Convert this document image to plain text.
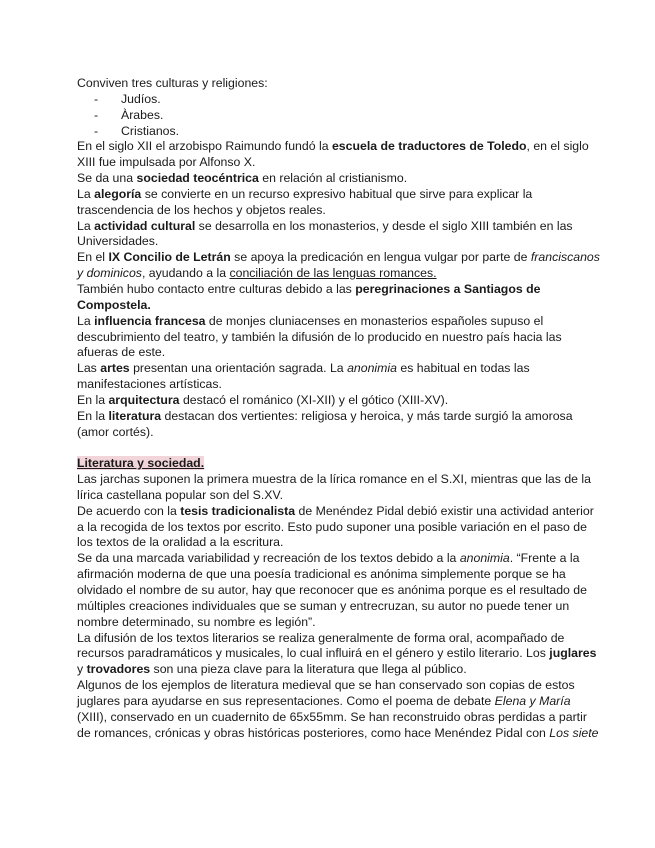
Conviven tres culturas y religiones:
- Judíos.
- Àrabes.
- Cristianos.
En el siglo XII el arzobispo Raimundo fundó la escuela de traductores de Toledo, en el siglo
XIII fue impulsada por Alfonso X.
Se da una sociedad teocéntrica en relación al cristianismo.
La alegoría se convierte en un recurso expresivo habitual que sirve para explicar la
trascendencia de los hechos y objetos reales.
La actividad cultural se desarrolla en los monasterios, y desde el siglo XIII también en las
Universidades.
En el IX Concilio de Letrán se apoya la predicación en lengua vulgar por parte de franciscanos
y dominicos, ayudando a la conciliación de las lenguas romances.
También hubo contacto entre culturas debido a las peregrinaciones a Santiagos de
Compostela.
La influencia francesa de monjes cluniacenses en monasterios españoles supuso el
descubrimiento del teatro, y también la difusión de lo producido en nuestro país hacia las
afueras de este.
Las artes presentan una orientación sagrada. La anonimia es habitual en todas las
manifestaciones artísticas.
En la arquitectura destacó el románico (XI-XII) y el gótico (XIII-XV).
En la literatura destacan dos vertientes: religiosa y heroica, y más tarde surgió la amorosa
(amor cortés).
Literatura y sociedad.
Las jarchas suponen la primera muestra de la lírica romance en el S.XI, mientras que las de la
lírica castellana popular son del S.XV.
De acuerdo con la tesis tradicionalista de Menéndez Pidal debió existir una actividad anterior
a la recogida de los textos por escrito. Esto pudo suponer una posible variación en el paso de
los textos de la oralidad a la escritura.
Se da una marcada variabilidad y recreación de los textos debido a la anonimia. “Frente a la
afirmación moderna de que una poesía tradicional es anónima simplemente porque se ha
olvidado el nombre de su autor, hay que reconocer que es anónima porque es el resultado de
múltiples creaciones individuales que se suman y entrecruzan, su autor no puede tener un
nombre determinado, su nombre es legión”.
La difusión de los textos literarios se realiza generalmente de forma oral, acompañado de
recursos paradramáticos y musicales, lo cual influirá en el género y estilo literario. Los juglares
y trovadores son una pieza clave para la literatura que llega al público.
Algunos de los ejemplos de literatura medieval que se han conservado son copias de estos
juglares para ayudarse en sus representaciones. Como el poema de debate Elena y María
(XIII), conservado en un cuadernito de 65x55mm. Se han reconstruido obras perdidas a partir
de romances, crónicas y obras históricas posteriores, como hace Menéndez Pidal con Los siete
